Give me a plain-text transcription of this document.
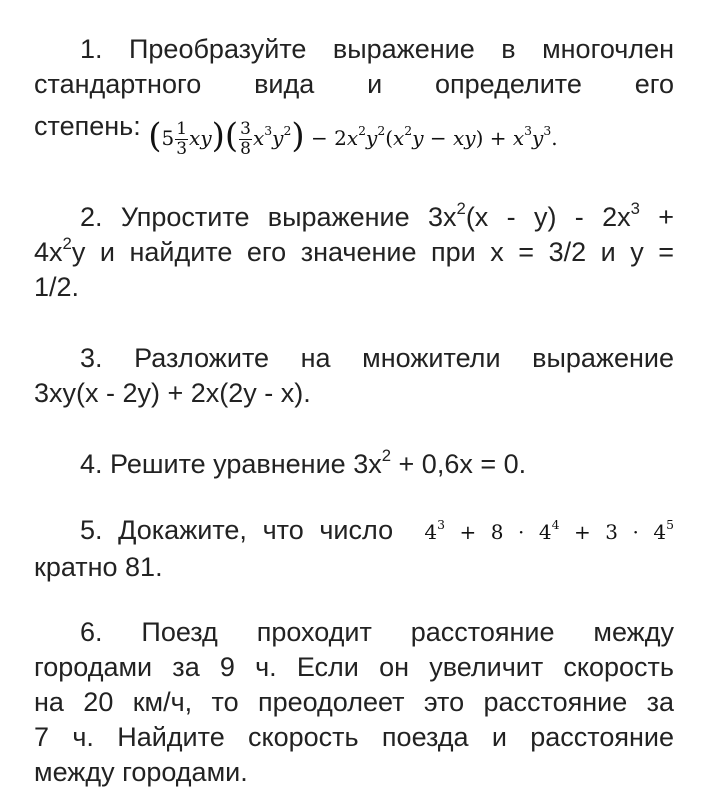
1. Преобразуйте выражение в многочлен

стандартного вида и определите его
степень: $(5 \frac{1}{3} xy)( \frac{3}{8} x^3y^2) - 2x^2y^2(x^2y - xy) + x^3y^3$.

2. Упростите выражение $3x^2(x - y) - 2x^3$ +

$4x^2y$ и найдите его значение при x = 3/2 и y =
1/2.

3. Разложите на множители выражение

3xy(x - 2y) + 2x(2y - x).

4. Решите уравнение $3x^2 + 0,6x = 0$.

5. Докажите, что число $4^3 + 8 \cdot 4^4 + 3 \cdot 4^5$

кратно 81.

6. Поезд проходит расстояние между

городами за 9 ч. Если он увеличит скорость
на 20 км/ч, то преодолеет это расстояние за
7 ч. Найдите скорость поезда и расстояние
между городами.
